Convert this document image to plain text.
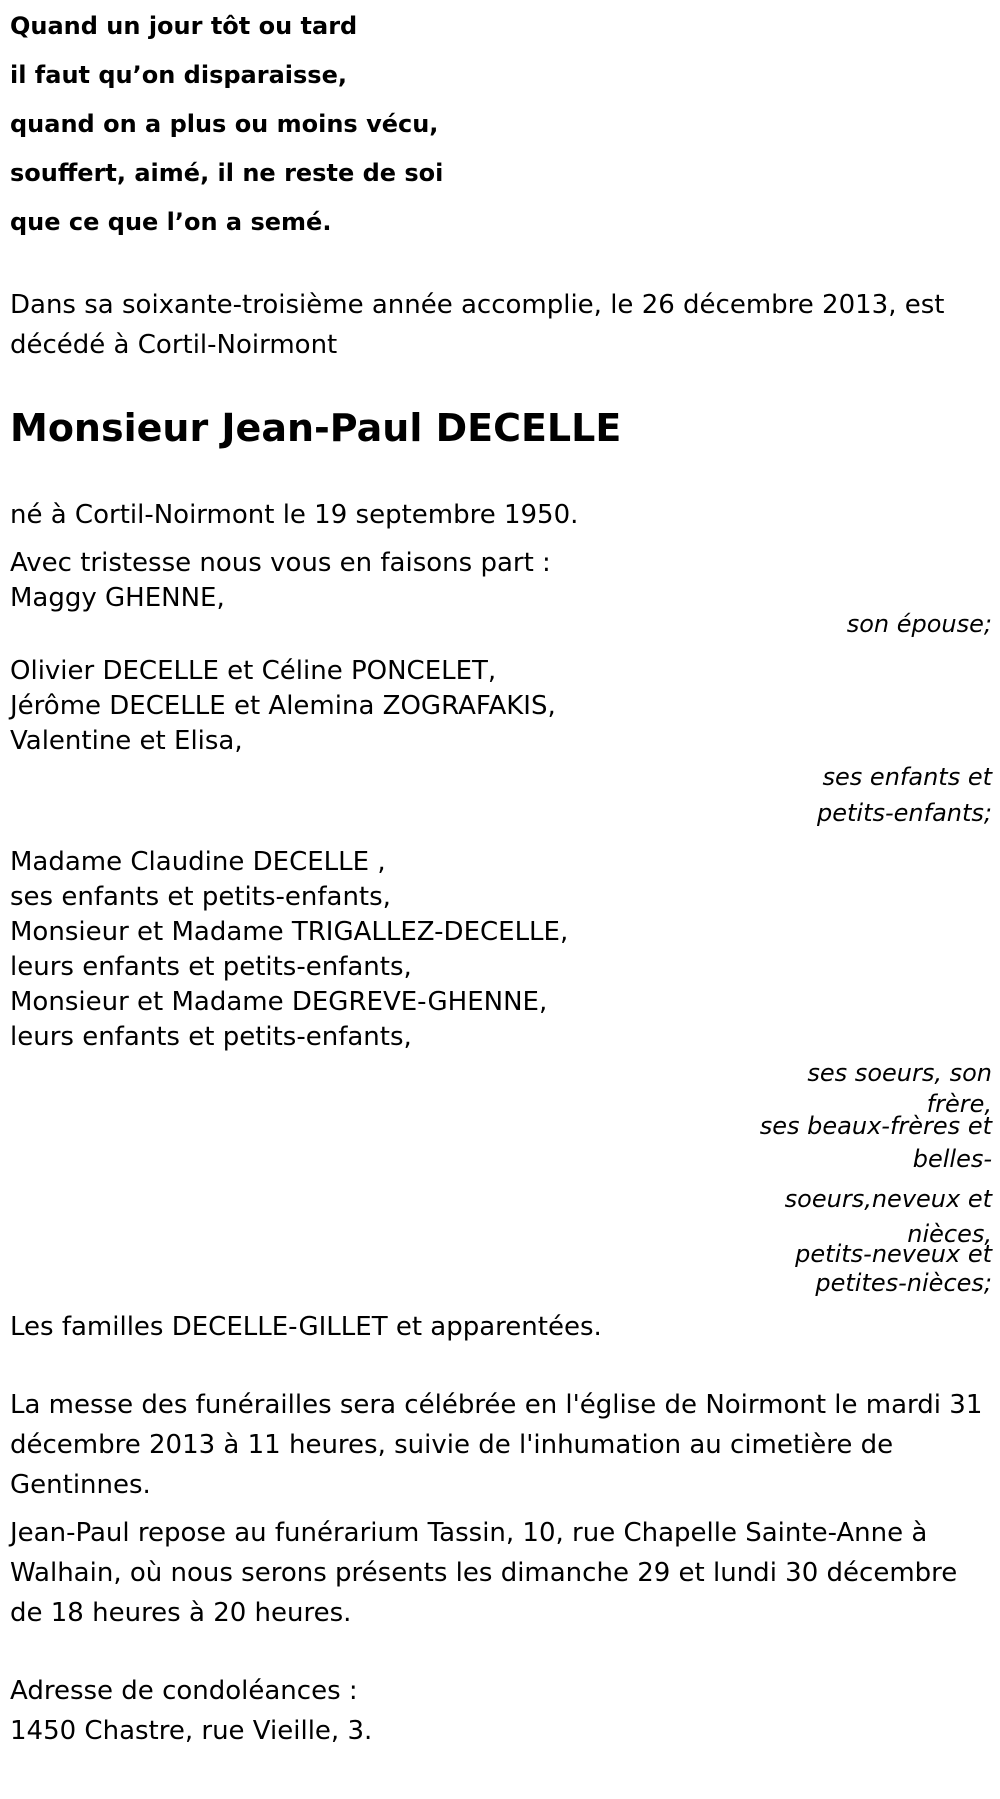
Quand un jour tôt ou tard
il faut qu’on disparaisse,
quand on a plus ou moins vécu,
souffert, aimé, il ne reste de soi
que ce que l’on a semé.
Dans sa soixante-troisième année accomplie, le 26 décembre 2013, est décédé à Cortil-Noirmont
Monsieur Jean-Paul DECELLE
né à Cortil-Noirmont le 19 septembre 1950.
Avec tristesse nous vous en faisons part :
Maggy GHENNE,
son épouse;
Olivier DECELLE et Céline PONCELET,
Jérôme DECELLE et Alemina ZOGRAFAKIS,
Valentine et Elisa,
ses enfants et
petits-enfants;
Madame Claudine DECELLE ,
ses enfants et petits-enfants,
Monsieur et Madame TRIGALLEZ-DECELLE,
leurs enfants et petits-enfants,
Monsieur et Madame DEGREVE-GHENNE,
leurs enfants et petits-enfants,
ses soeurs, son
frère,
ses beaux-frères et
belles-
soeurs,neveux et
nièces,
petits-neveux et
petites-nièces;
Les familles DECELLE-GILLET et apparentées.
La messe des funérailles sera célébrée en l'église de Noirmont le mardi 31 décembre 2013 à 11 heures, suivie de l'inhumation au cimetière de Gentinnes.
Jean-Paul repose au funérarium Tassin, 10, rue Chapelle Sainte-Anne à Walhain, où nous serons présents les dimanche 29 et lundi 30 décembre de 18 heures à 20 heures.
Adresse de condoléances :
1450 Chastre, rue Vieille, 3.
